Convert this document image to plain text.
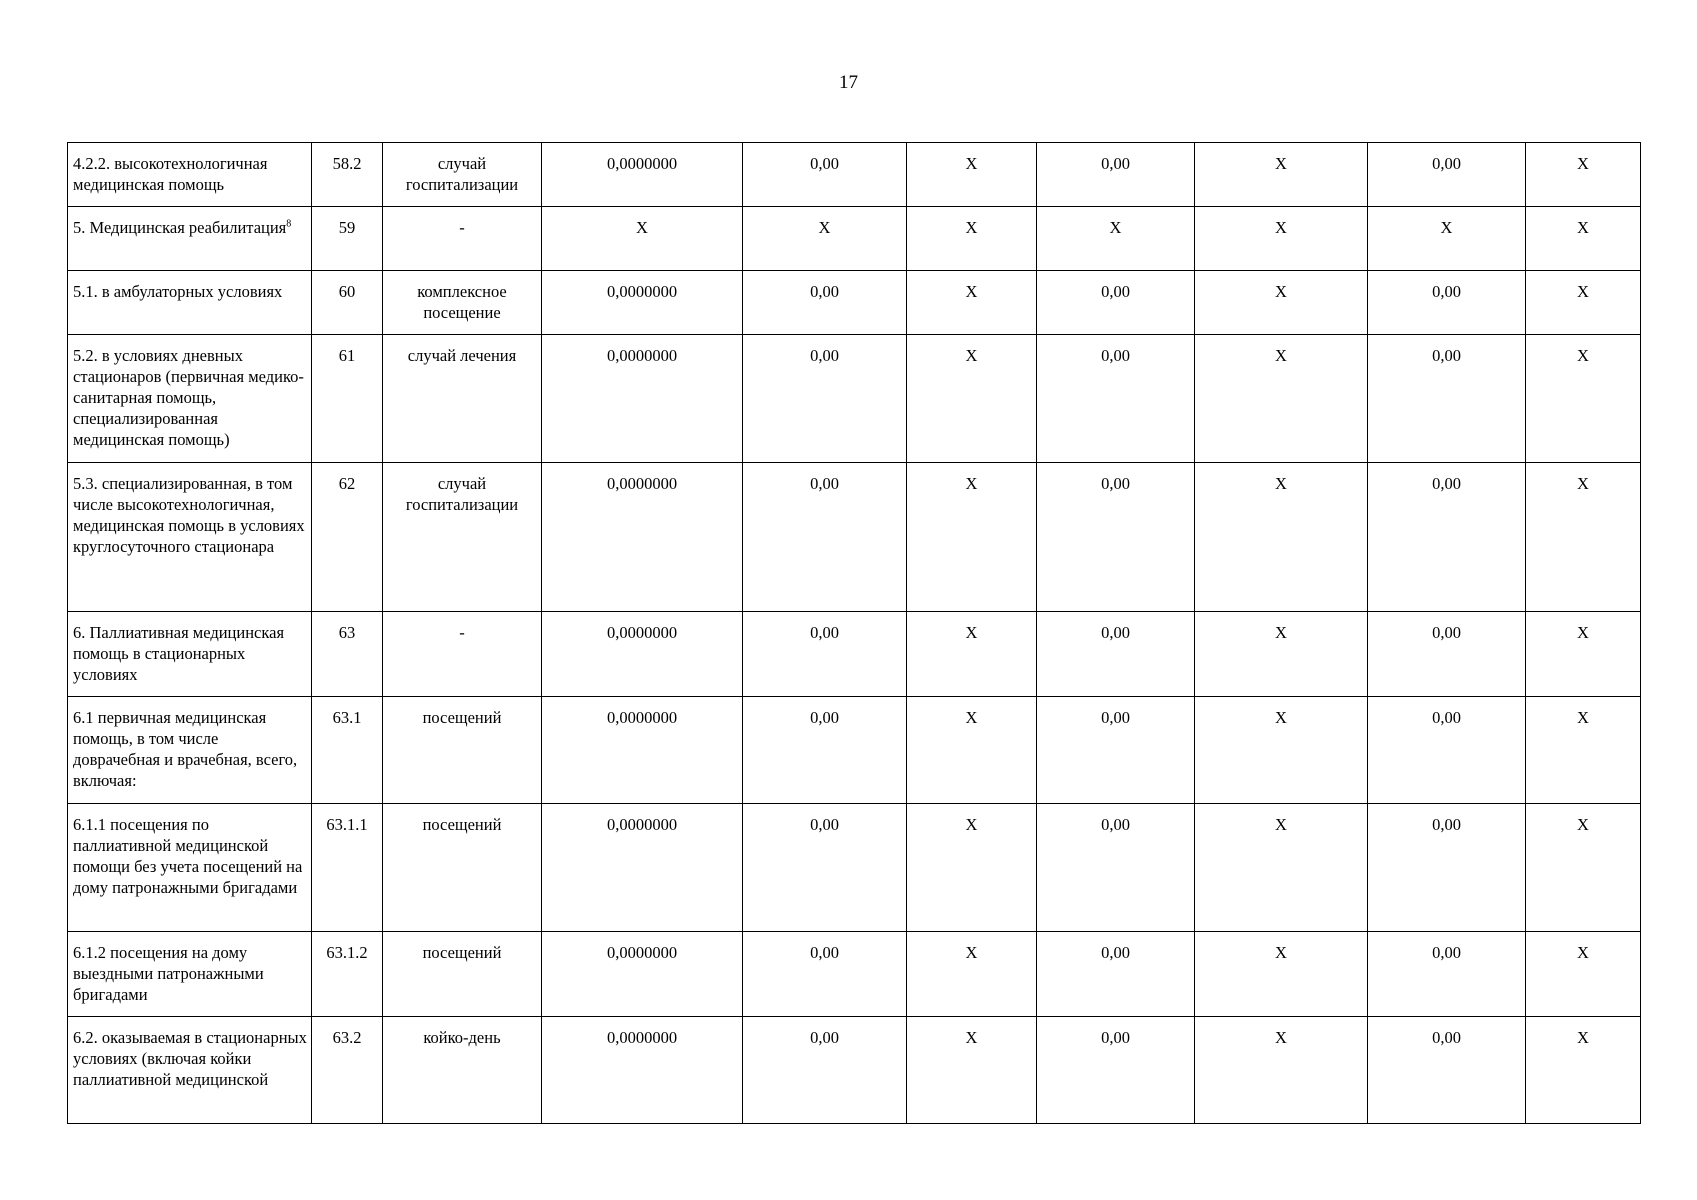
17
4.2.2. высокотехнологичная медицинская помощь	58.2	случай госпитализации	0,0000000	0,00	X	0,00	X	0,00	X
5. Медицинская реабилитация$^8$	59	-	X	X	X	X	X	X	X
5.1. в амбулаторных условиях	60	комплексное посещение	0,0000000	0,00	X	0,00	X	0,00	X
5.2. в условиях дневных стационаров (первичная медико-санитарная помощь, специализированная медицинская помощь)	61	случай лечения	0,0000000	0,00	X	0,00	X	0,00	X
5.3. специализированная, в том числе высокотехнологичная, медицинская помощь в условиях круглосуточного стационара	62	случай госпитализации	0,0000000	0,00	X	0,00	X	0,00	X
6. Паллиативная медицинская помощь в стационарных условиях	63	-	0,0000000	0,00	X	0,00	X	0,00	X
6.1 первичная медицинская помощь, в том числе доврачебная и врачебная, всего, включая:	63.1	посещений	0,0000000	0,00	X	0,00	X	0,00	X
6.1.1 посещения по паллиативной медицинской помощи без учета посещений на дому патронажными бригадами	63.1.1	посещений	0,0000000	0,00	X	0,00	X	0,00	X
6.1.2 посещения на дому выездными патронажными бригадами	63.1.2	посещений	0,0000000	0,00	X	0,00	X	0,00	X
6.2. оказываемая в стационарных условиях (включая койки паллиативной медицинской	63.2	койко-день	0,0000000	0,00	X	0,00	X	0,00	X
